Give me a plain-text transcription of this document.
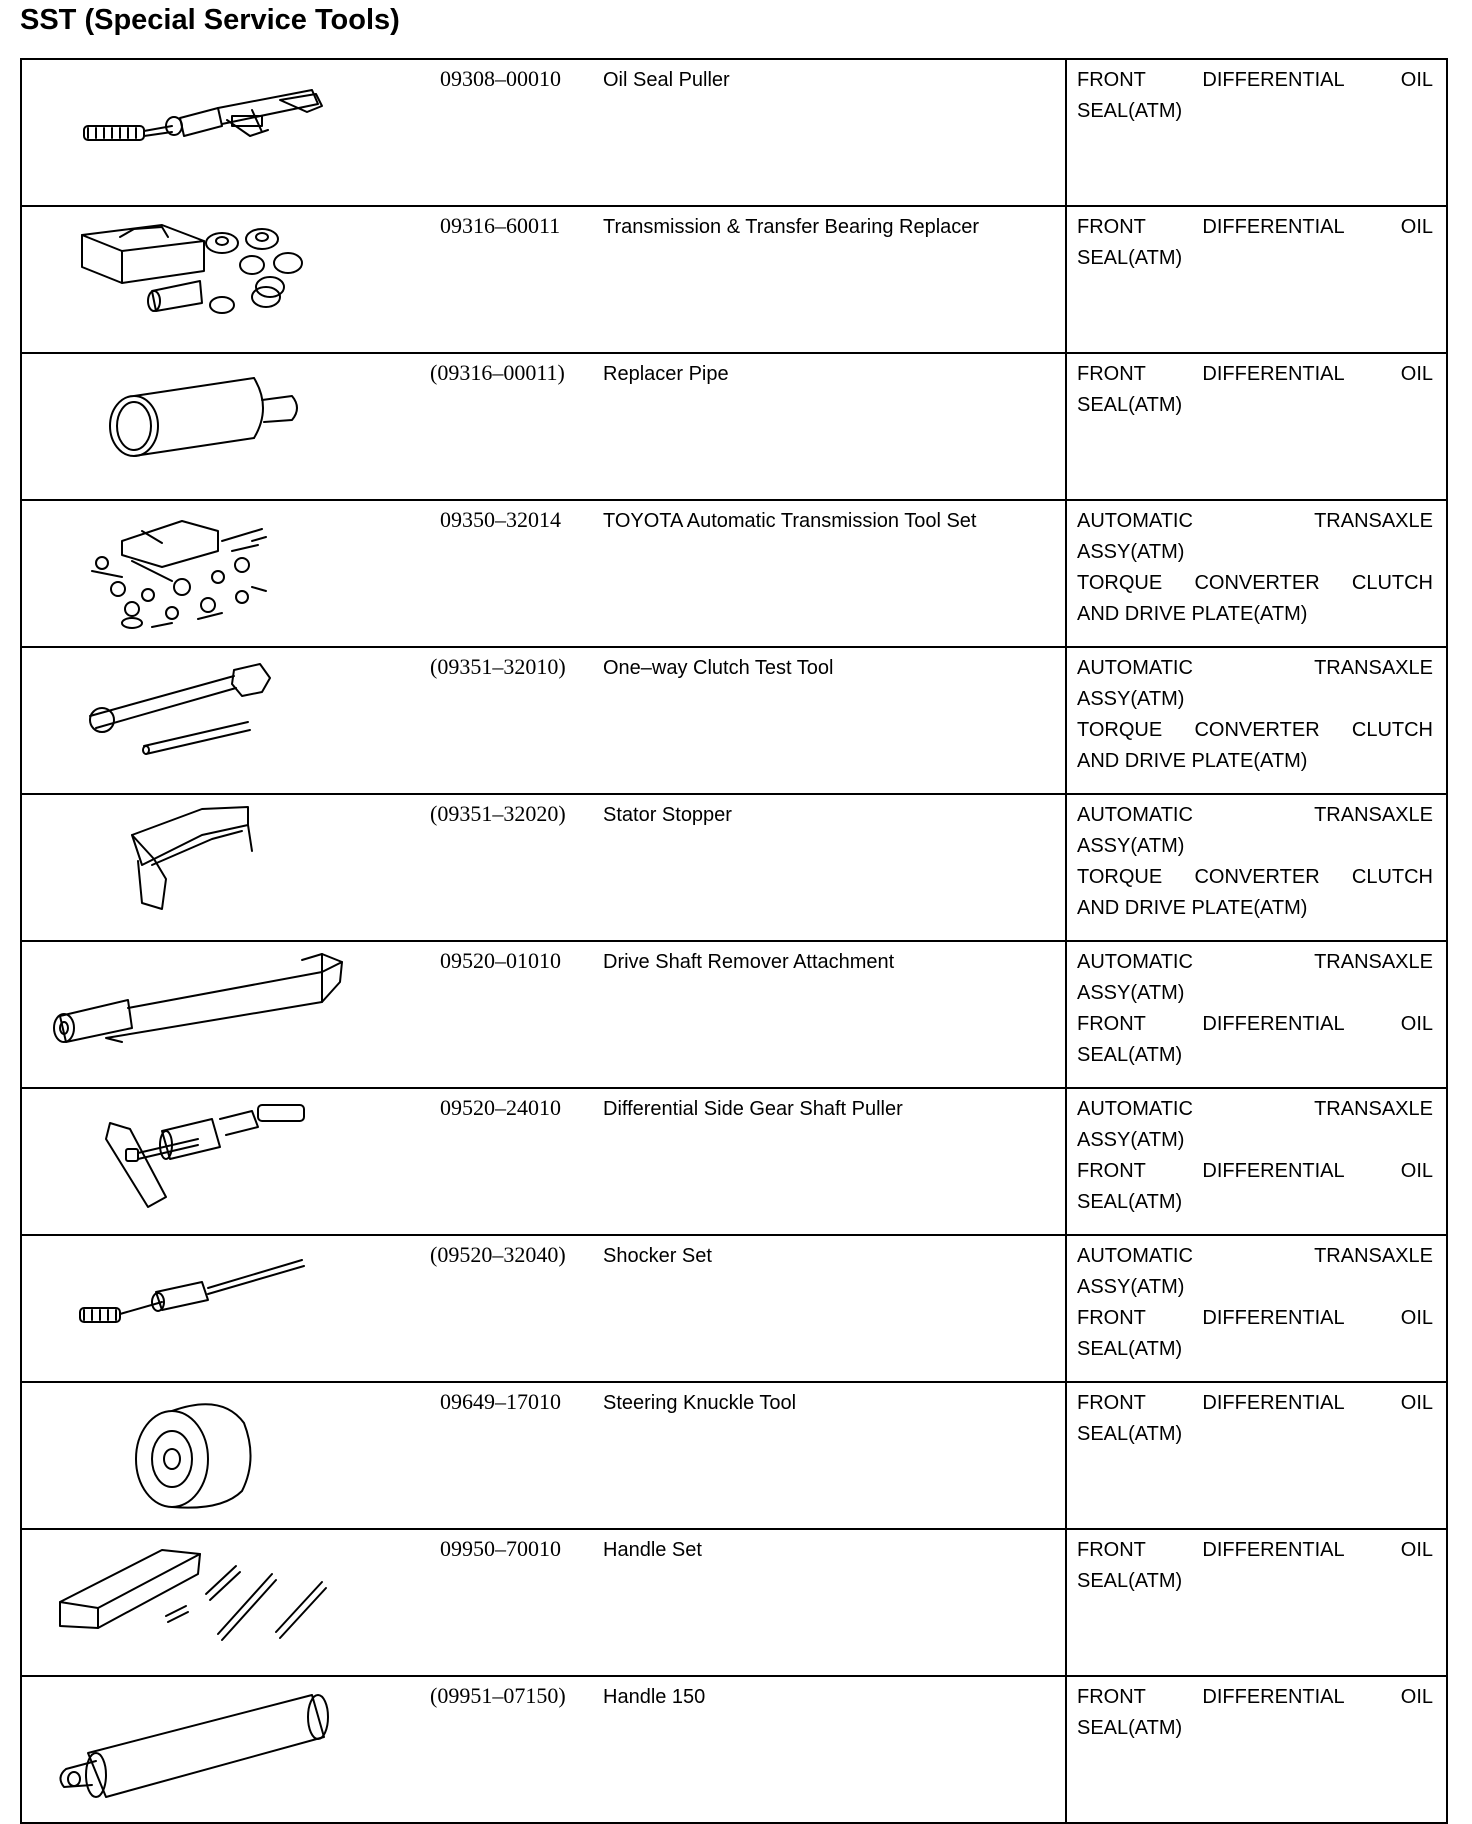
SST (Special Service Tools)

09308–00010	Oil Seal Puller	FRONT DIFFERENTIAL OIL
SEAL(ATM)

09316–60011	Transmission & Transfer Bearing Replacer	FRONT DIFFERENTIAL OIL
SEAL(ATM)

(09316–00011)	Replacer Pipe	FRONT DIFFERENTIAL OIL
SEAL(ATM)

09350–32014	TOYOTA Automatic Transmission Tool Set	AUTOMATIC TRANSAXLE
ASSY(ATM)
TORQUE CONVERTER CLUTCH
AND DRIVE PLATE(ATM)

(09351–32010)	One–way Clutch Test Tool	AUTOMATIC TRANSAXLE
ASSY(ATM)
TORQUE CONVERTER CLUTCH
AND DRIVE PLATE(ATM)

(09351–32020)	Stator Stopper	AUTOMATIC TRANSAXLE
ASSY(ATM)
TORQUE CONVERTER CLUTCH
AND DRIVE PLATE(ATM)

09520–01010	Drive Shaft Remover Attachment	AUTOMATIC TRANSAXLE
ASSY(ATM)
FRONT DIFFERENTIAL OIL
SEAL(ATM)

09520–24010	Differential Side Gear Shaft Puller	AUTOMATIC TRANSAXLE
ASSY(ATM)
FRONT DIFFERENTIAL OIL
SEAL(ATM)

(09520–32040)	Shocker Set	AUTOMATIC TRANSAXLE
ASSY(ATM)
FRONT DIFFERENTIAL OIL
SEAL(ATM)

09649–17010	Steering Knuckle Tool	FRONT DIFFERENTIAL OIL
SEAL(ATM)

09950–70010	Handle Set	FRONT DIFFERENTIAL OIL
SEAL(ATM)

(09951–07150)	Handle 150	FRONT DIFFERENTIAL OIL
SEAL(ATM)
